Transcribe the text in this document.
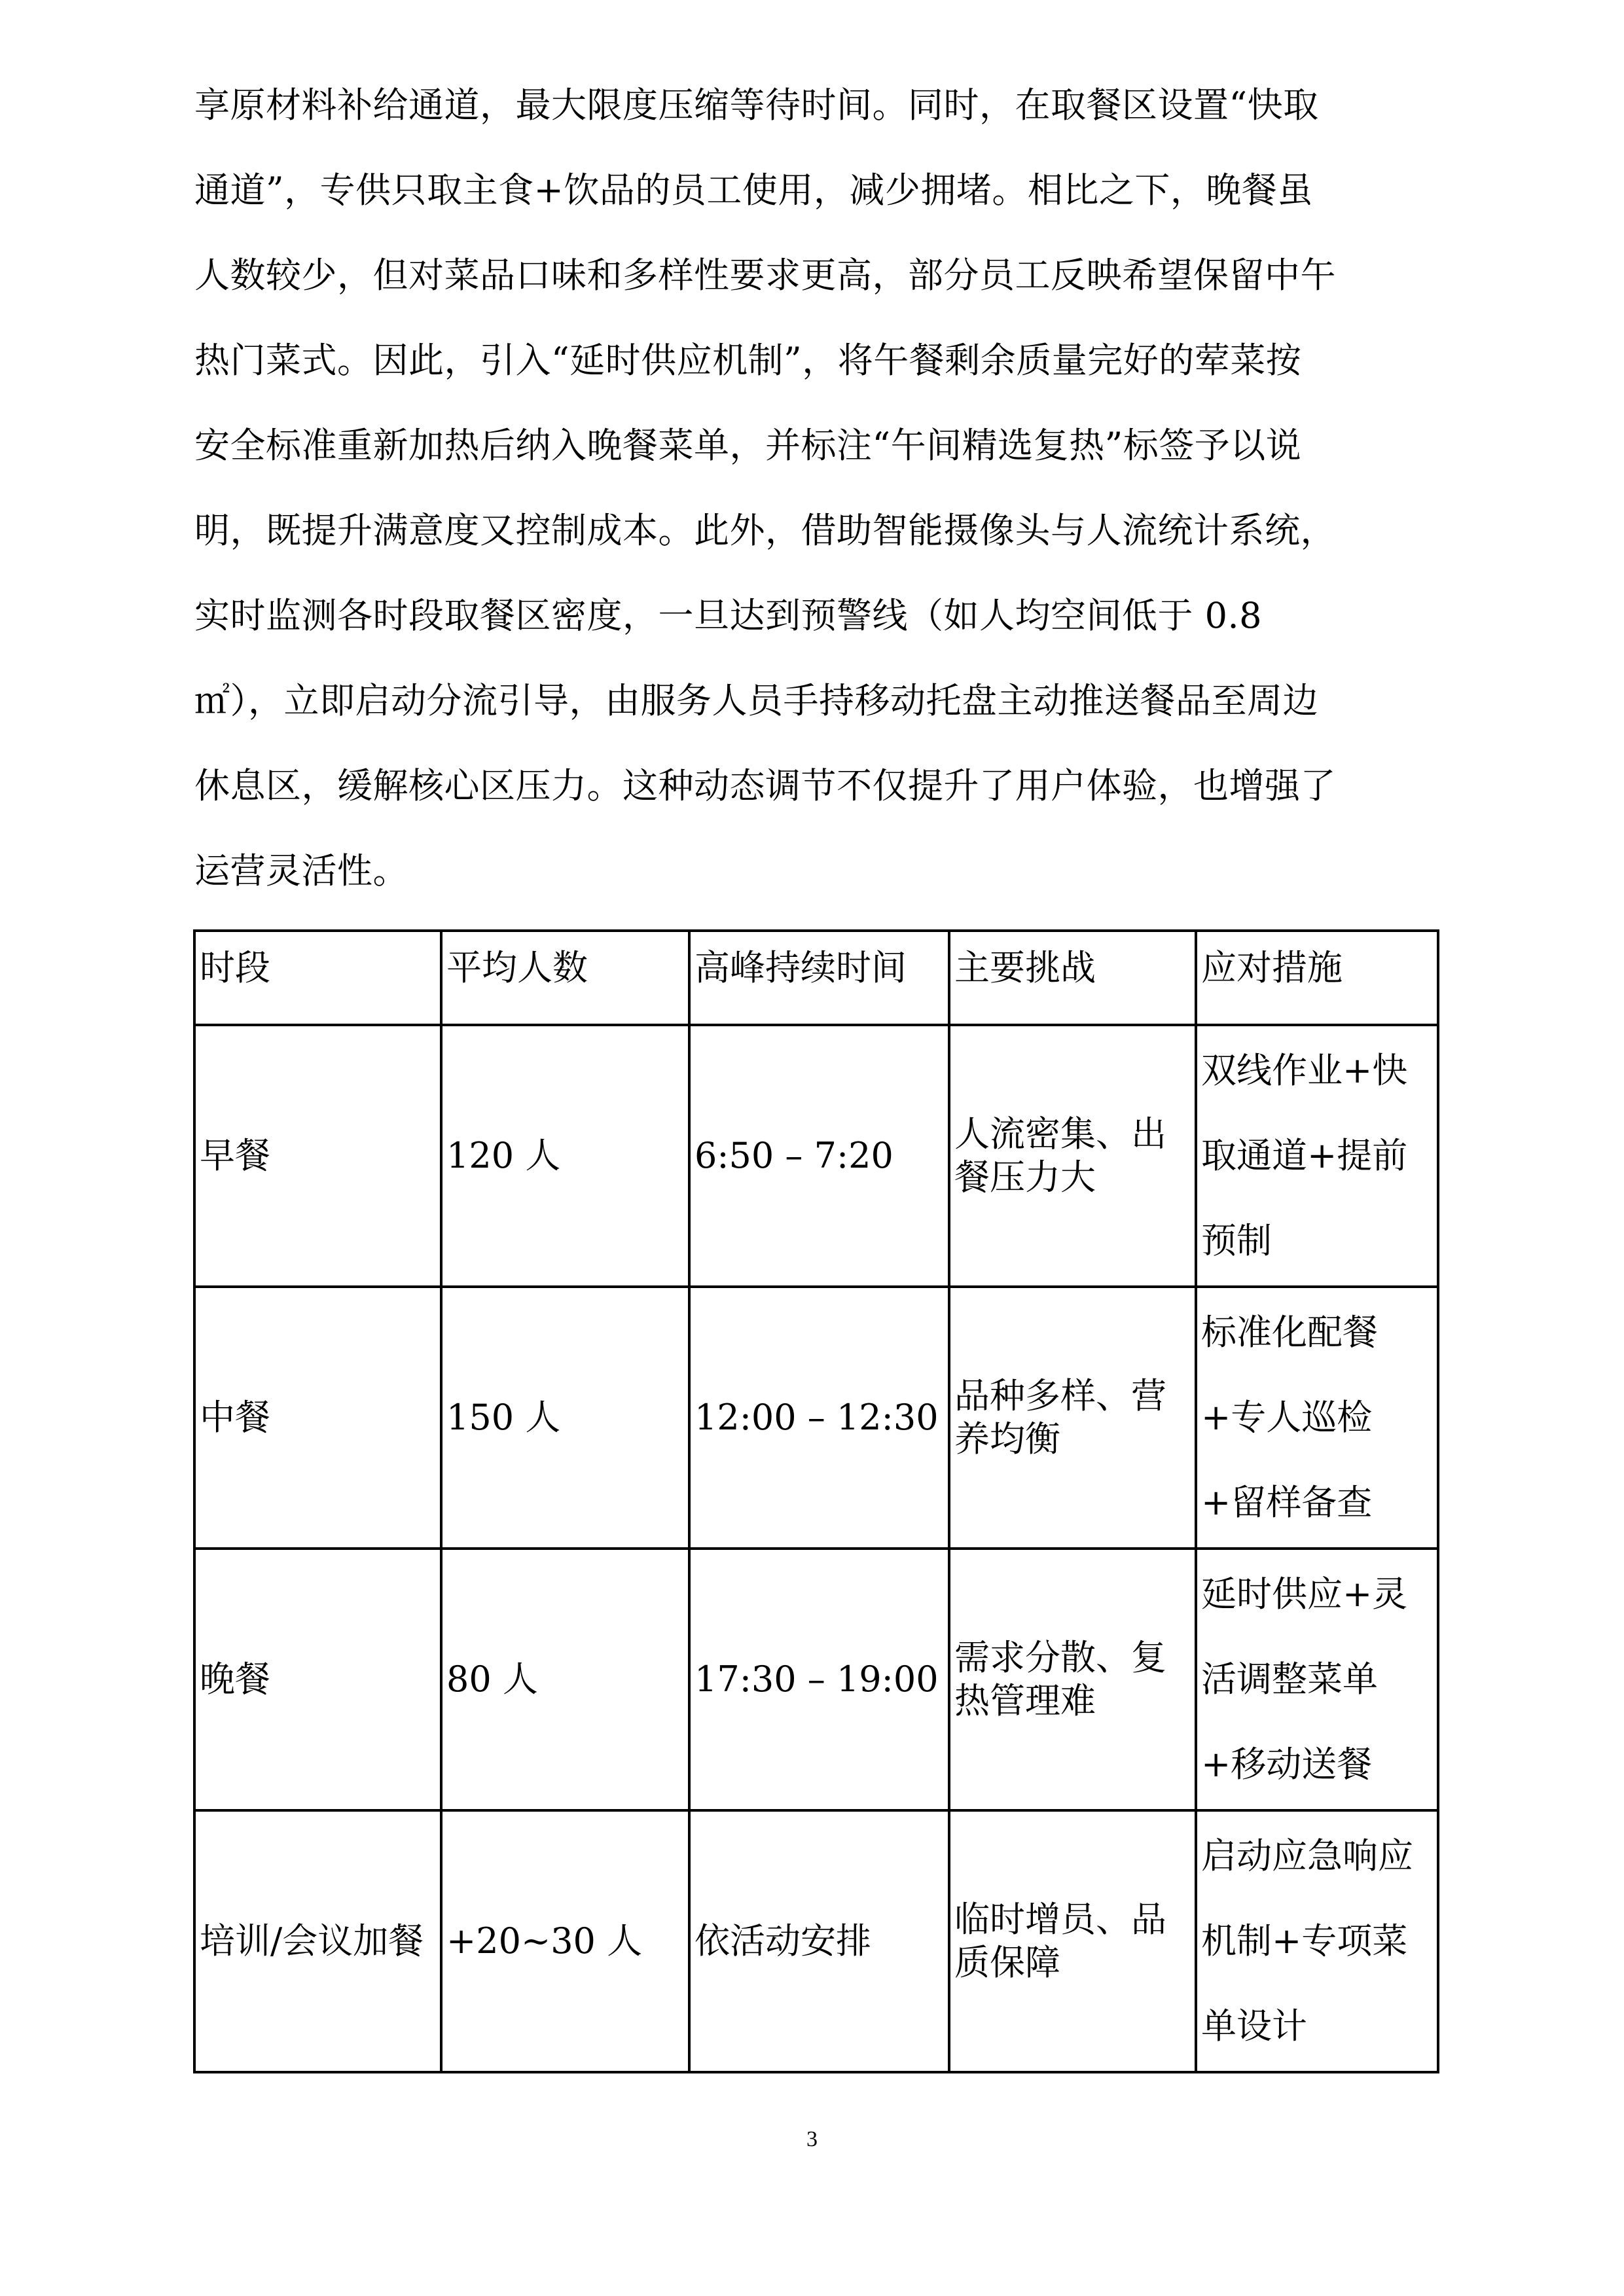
享原材料补给通道，最大限度压缩等待时间。同时，在取餐区设置“快取
通道”，专供只取主食+饮品的员工使用，减少拥堵。相比之下，晚餐虽
人数较少，但对菜品口味和多样性要求更高，部分员工反映希望保留中午
热门菜式。因此，引入“延时供应机制”，将午餐剩余质量完好的荤菜按
安全标准重新加热后纳入晚餐菜单，并标注“午间精选复热”标签予以说
明，既提升满意度又控制成本。此外，借助智能摄像头与人流统计系统，
实时监测各时段取餐区密度，一旦达到预警线（如人均空间低于 0.8
㎡），立即启动分流引导，由服务人员手持移动托盘主动推送餐品至周边
休息区，缓解核心区压力。这种动态调节不仅提升了用户体验，也增强了
运营灵活性。
时段	平均人数	高峰持续时间	主要挑战	应对措施

早餐	120 人	6:50 – 7:20	人流密集、出餐压力大	双线作业+快取通道+提前预制

中餐	150 人	12:00 – 12:30	品种多样、营养均衡	标准化配餐+专人巡检+留样备查

晚餐	80 人	17:30 – 19:00	需求分散、复热管理难	延时供应+灵活调整菜单+移动送餐

培训/会议加餐	+20~30 人	依活动安排	临时增员、品质保障	启动应急响应机制+专项菜单设计
3
